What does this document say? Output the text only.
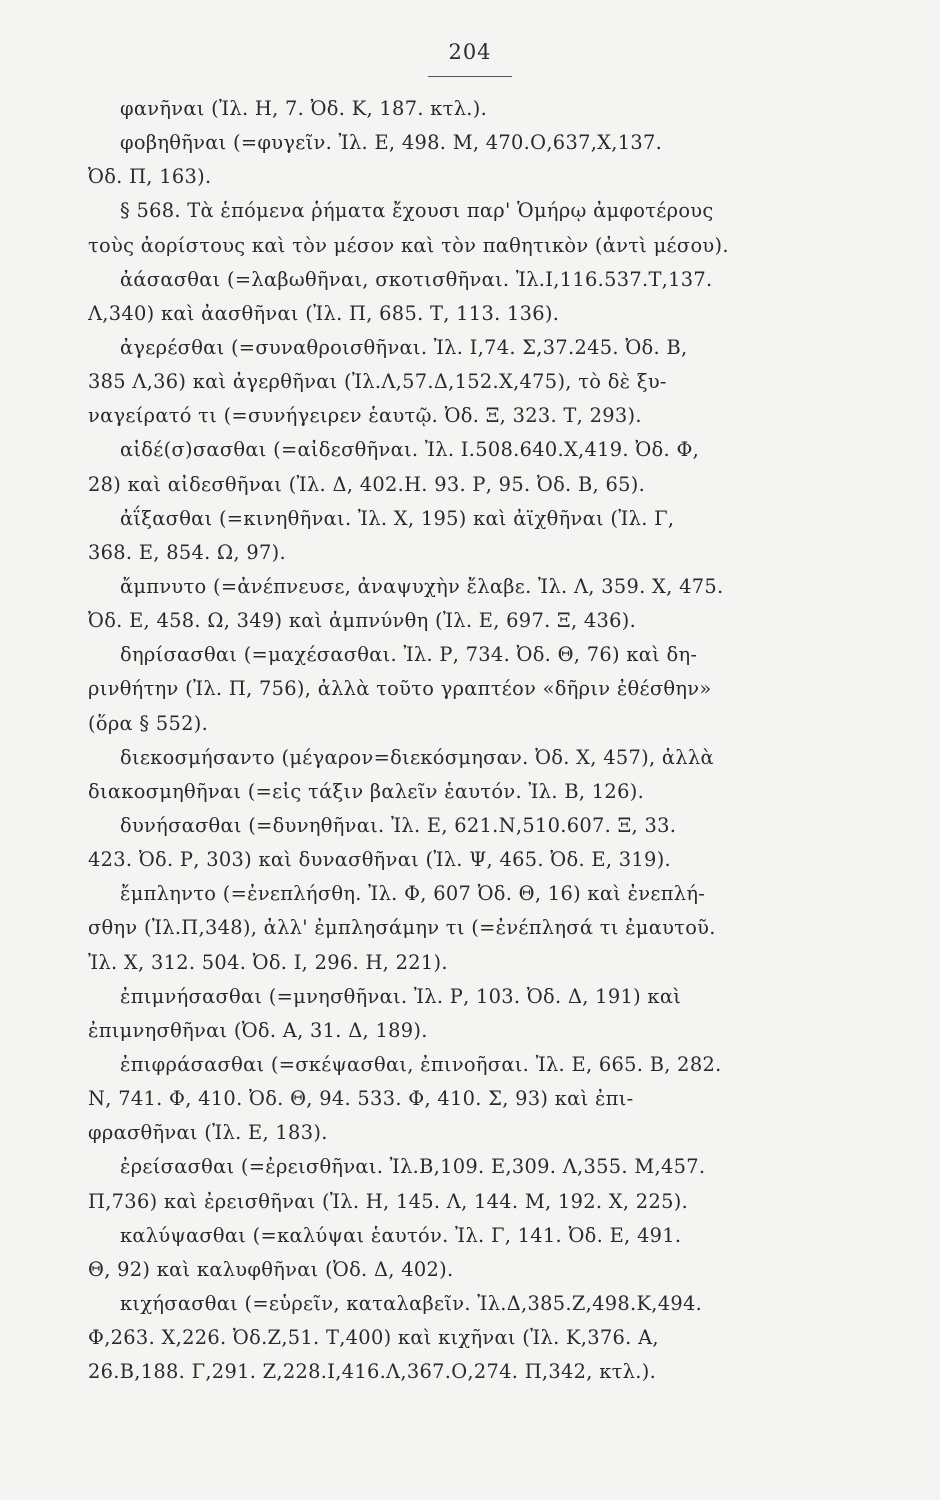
204
φανῆναι (Ἰλ. Η, 7. Ὀδ. Κ, 187. κτλ.).
φοβηθῆναι (=φυγεῖν. Ἰλ. Ε, 498. Μ, 470.Ο,637,Χ,137.
Ὀδ. Π, 163).
§ 568. Τὰ ἑπόμενα ῥήματα ἔχουσι παρ' Ὁμήρῳ ἀμφοτέρους
τοὺς ἀορίστους καὶ τὸν μέσον καὶ τὸν παθητικὸν (ἀντὶ μέσου).
ἀάσασθαι (=λαβωθῆναι, σκοτισθῆναι. Ἰλ.Ι,116.537.Τ,137.
Λ,340) καὶ ἀασθῆναι (Ἰλ. Π, 685. Τ, 113. 136).
ἀγερέσθαι (=συναθροισθῆναι. Ἰλ. Ι,74. Σ,37.245. Ὀδ. Β,
385 Λ,36) καὶ ἀγερθῆναι (Ἰλ.Λ,57.Δ,152.Χ,475), τὸ δὲ ξυ-
ναγείρατό τι (=συνήγειρεν ἑαυτῷ. Ὀδ. Ξ, 323. Τ, 293).
αἰδέ(σ)σασθαι (=αἰδεσθῆναι. Ἰλ. Ι.508.640.Χ,419. Ὀδ. Φ,
28) καὶ αἰδεσθῆναι (Ἰλ. Δ, 402.Η. 93. Ρ, 95. Ὀδ. Β, 65).
ἀΐξασθαι (=κινηθῆναι. Ἰλ. Χ, 195) καὶ ἀϊχθῆναι (Ἰλ. Γ,
368. Ε, 854. Ω, 97).
ἄμπνυτο (=ἀνέπνευσε, ἀναψυχὴν ἔλαβε. Ἰλ. Λ, 359. Χ, 475.
Ὀδ. Ε, 458. Ω, 349) καὶ ἀμπνύνθη (Ἰλ. Ε, 697. Ξ, 436).
δηρίσασθαι (=μαχέσασθαι. Ἰλ. Ρ, 734. Ὀδ. Θ, 76) καὶ δη-
ρινθήτην (Ἰλ. Π, 756), ἀλλὰ τοῦτο γραπτέον «δῆριν ἐθέσθην»
(ὅρα § 552).
διεκοσμήσαντο (μέγαρον=διεκόσμησαν. Ὀδ. Χ, 457), ἀλλὰ
διακοσμηθῆναι (=εἰς τάξιν βαλεῖν ἑαυτόν. Ἰλ. Β, 126).
δυνήσασθαι (=δυνηθῆναι. Ἰλ. Ε, 621.Ν,510.607. Ξ, 33.
423. Ὀδ. Ρ, 303) καὶ δυνασθῆναι (Ἰλ. Ψ, 465. Ὀδ. Ε, 319).
ἔμπληντο (=ἐνεπλήσθη. Ἰλ. Φ, 607 Ὀδ. Θ, 16) καὶ ἐνεπλή-
σθην (Ἰλ.Π,348), ἀλλ' ἐμπλησάμην τι (=ἐνέπλησά τι ἐμαυτοῦ.
Ἰλ. Χ, 312. 504. Ὀδ. Ι, 296. Η, 221).
ἐπιμνήσασθαι (=μνησθῆναι. Ἰλ. Ρ, 103. Ὀδ. Δ, 191) καὶ
ἐπιμνησθῆναι (Ὀδ. Α, 31. Δ, 189).
ἐπιφράσασθαι (=σκέψασθαι, ἐπινοῆσαι. Ἰλ. Ε, 665. Β, 282.
Ν, 741. Φ, 410. Ὀδ. Θ, 94. 533. Φ, 410. Σ, 93) καὶ ἐπι-
φρασθῆναι (Ἰλ. Ε, 183).
ἐρείσασθαι (=ἐρεισθῆναι. Ἰλ.Β,109. Ε,309. Λ,355. Μ,457.
Π,736) καὶ ἐρεισθῆναι (Ἰλ. Η, 145. Λ, 144. Μ, 192. Χ, 225).
καλύψασθαι (=καλύψαι ἑαυτόν. Ἰλ. Γ, 141. Ὀδ. Ε, 491.
Θ, 92) καὶ καλυφθῆναι (Ὀδ. Δ, 402).
κιχήσασθαι (=εὑρεῖν, καταλαβεῖν. Ἰλ.Δ,385.Ζ,498.Κ,494.
Φ,263. Χ,226. Ὀδ.Ζ,51. Τ,400) καὶ κιχῆναι (Ἰλ. Κ,376. Α,
26.Β,188. Γ,291. Ζ,228.Ι,416.Λ,367.Ο,274. Π,342, κτλ.).
